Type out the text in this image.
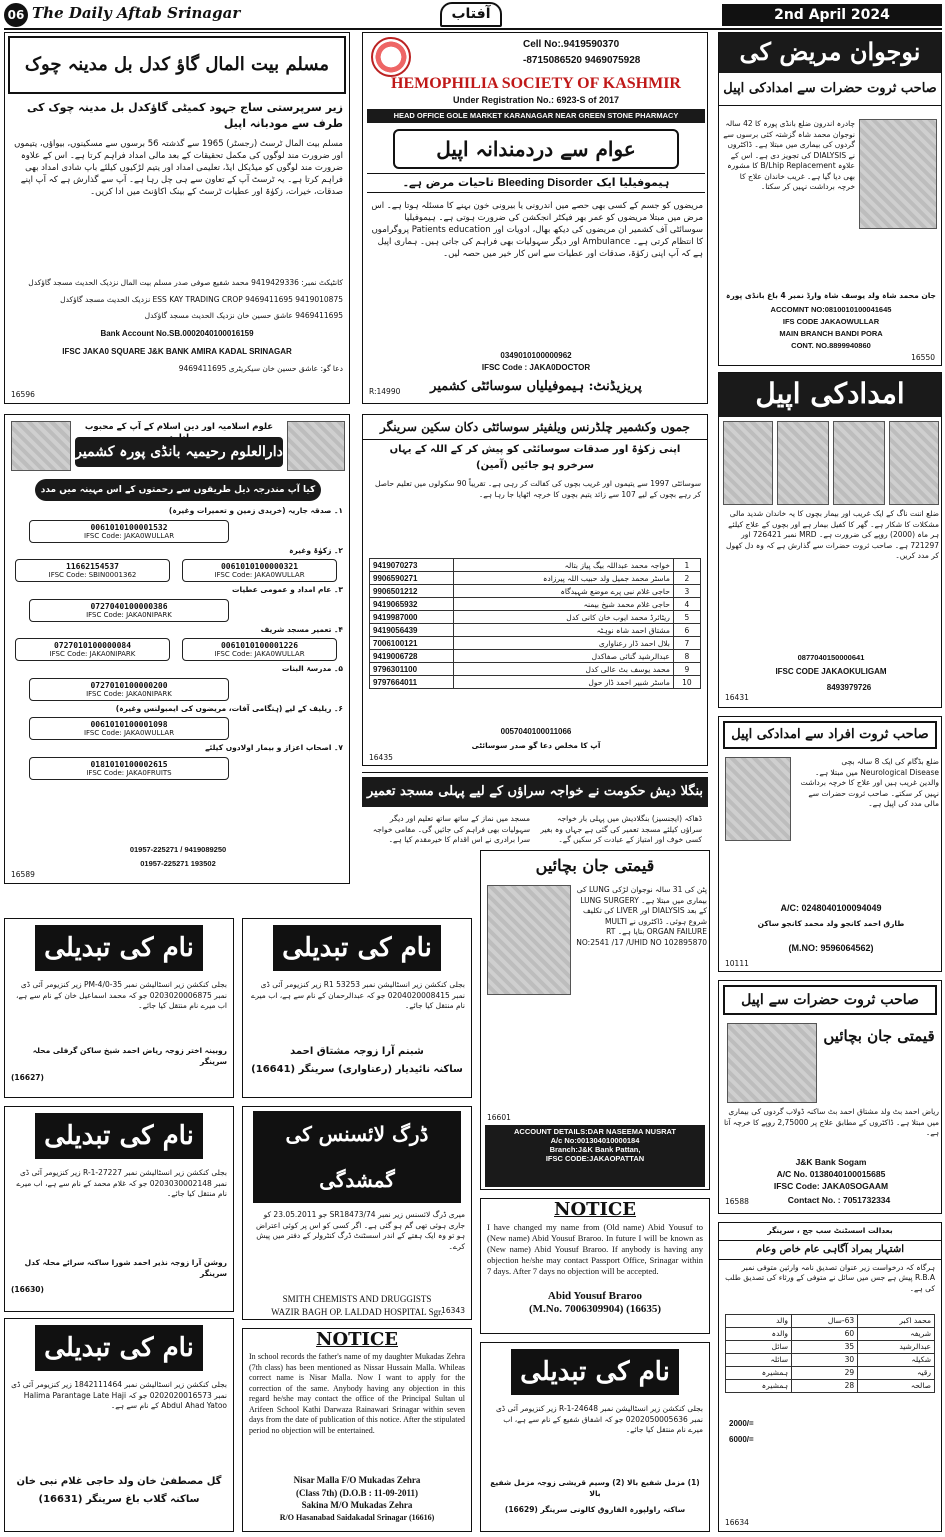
06 The Daily Aftab Srinagar	آفتاب	2nd April 2024
مسلم بیت المال گاؤ کدل بل مدینہ چوک
زیر سرپرستی ساج جہود کمیٹی گاؤکدل بل مدینہ چوک کی طرف سے مودبانہ اپیل
مسلم بیت المال ٹرسٹ (رجسٹر) 1965 سے گذشتہ 56 برسوں سے مسکینوں، بیواؤں، یتیموں اور ضرورت مند لوگوں کی مکمل تحقیقات کے بعد مالی امداد فراہم کرتا ہے۔ اس کے علاوہ ضرورت مند لوگوں کو میڈیکل ایڈ، تعلیمی امداد اور یتیم لڑکیوں کیلئے باپ شادی امداد بھی فراہم کرتا ہے۔ یہ ٹرسٹ آپ کے تعاون سے ہی چل رہا ہے۔ آپ سے گذارش ہے کہ آپ اپنے صدقات، خیرات، زکوٰۃ اور عطیات ٹرسٹ کے بینک اکاؤنٹ میں ادا کریں۔
کانٹیکٹ نمبر: 9419429336 محمد شفیع صوفی صدر مسلم بیت المال نزدیک الحدیث مسجد گاؤکدل
9419010875 9469411695 ESS KAY TRADING CROP نزدیک الحدیث مسجد گاؤکدل
9469411695 عاشق حسین خان نزدیک الحدیث مسجد گاؤکدل
Bank Account No.SB.0002040100016159
IFSC JAKA0 SQUARE J&K BANK AMIRA KADAL SRINAGAR
دعا گو: عاشق حسین خان سیکریٹری 9469411695
16596
Cell No:.9419590370
-8715086520 9469075928
HEMOPHILIA SOCIETY OF KASHMIR
Under Registration No.: 6923-S of 2017
HEAD OFFICE GOLE MARKET KARANAGAR NEAR GREEN STONE PHARMACY
عوام سے دردمندانہ اپیل
ہیموفیلیا ایک Bleeding Disorder تاحیات مرض ہے۔
مریضوں کو جسم کے کسی بھی حصے میں اندرونی یا بیرونی خون بہنے کا مسئلہ ہوتا ہے۔ اس مرض میں مبتلا مریضوں کو عمر بھر فیکٹر انجکشن کی ضرورت ہوتی ہے۔ ہیموفیلیا سوسائٹی آف کشمیر ان مریضوں کی دیکھ بھال، ادویات اور Patients education پروگراموں کا انتظام کرتی ہے۔ Ambulance اور دیگر سہولیات بھی فراہم کی جاتی ہیں۔ ہماری اپیل ہے کہ آپ اپنی زکوٰۃ، صدقات اور عطیات سے اس کار خیر میں حصہ لیں۔
0349010100000962
IFSC Code : JAKA0DOCTOR
پریزیڈنٹ: ہیموفیلیاں سوسائٹی کشمیر
R:14990
نوجوان مریض کی
صاحب ثروت حضرات سے امدادکی اپیل
چادرہ اندرون ضلع بانڈی پورہ کا 42 سالہ نوجوان محمد شاہ گزشتہ کئی برسوں سے گردوں کی بیماری میں مبتلا ہے۔ ڈاکٹروں نے DIALYSIS کی تجویز دی ہے۔ اس کے علاوہ B/Lhip Replacement کا مشورہ بھی دیا گیا ہے۔ غریب خاندان علاج کا خرچہ برداشت نہیں کر سکتا۔
جان محمد شاہ ولد یوسف شاہ وارڈ نمبر 4 باغ بانڈی پورہ
ACCOMNT NO:0810010100041645
IFS CODE JAKAOWULLAR
MAIN BRANCH BANDI PORA
CONT. NO.8899940860
16550
امدادکی اپیل
ضلع اننت ناگ کے ایک غریب اور بیمار بچوں کا یہ خاندان شدید مالی مشکلات کا شکار ہے۔ گھر کا کفیل بیمار ہے اور بچوں کے علاج کیلئے ہر ماہ (2000) روپے کی ضرورت ہے۔ MRD نمبر 726421 اور 721297 ہے۔ صاحب ثروت حضرات سے گذارش ہے کہ وہ دل کھول کر مدد کریں۔
0877040150000641
IFSC CODE JAKAOKULIGAM
8493979726
16431
علوم اسلامیہ اور دین اسلام کے آپ کے محبوب
دارالعلوم رحیمیہ بانڈی پورہ کشمیر
کیا آپ مندرجہ ذیل طریقوں سے رحمتوں کے اس مہینہ میں مدد
۱۔ صدقہ جاریہ (خریدی زمین و تعمیرات وغیرہ)
0061010100001532
IFSC Code: JAKA0WULLAR
۲۔ زکوٰۃ وغیرہ
11662154537
IFSC Code: SBIN0001362
0061010100000321
IFSC Code: JAKA0WULLAR
۳۔ عام امداد و عمومی عطیات
0727040100000386
IFSC Code: JAKA0NIPARK
۴۔ تعمیر مسجد شریف
0727010100000084
IFSC Code: JAKA0NIPARK
0061010100001226
IFSC Code: JAKA0WULLAR
۵۔ مدرسۃ البنات
0727010100000200
IFSC Code: JAKA0NIPARK
۶۔ ریلیف کے لیے (ہنگامی آفات، مریضوں کی ایمبولنس وغیرہ)
0061010100001098
IFSC Code: JAKA0WULLAR
۷۔ اصحاب اعزاز و بیمار اولادوں کیلئے
0181010100002615
IFSC Code: JAKA0FRUITS
01957-225271 / 9419089250
01957-225271 193502
16589
جموں وکشمیر چلڈرنس ویلفیئر سوسائٹی دکان سکین سرینگر
اپنی زکوٰۃ اور صدقات سوسائٹی کو پیش کر کے اللہ کے یہاں سرخرو ہو جائیں (آمین)
سوسائٹی 1997 سے یتیموں اور غریب بچوں کی کفالت کر رہی ہے۔ تقریباً 90 سکولوں میں تعلیم حاصل کر رہے بچوں کے لیے 107 سے زائد یتیم بچوں کا خرچہ اٹھایا جا رہا ہے۔
9419070273	خواجہ محمد عبداللہ بیگ پیاز بتالہ	1
9906590271	ماسٹر محمد جمیل ولد حبیب اللہ پیرزادہ	2
9906501212	حاجی غلام نبی پرے موضع شہیدگاہ	3
9419065932	حاجی غلام محمد شیخ بیمنہ	4
9419987000	ریٹائرڈ محمد ایوب خان کانی کدل	5
9419056439	مشتاق احمد شاہ نوہٹہ	6
7006100121	بلال احمد ڈار رعناواری	7
9419006728	عبدالرشید گنائی صفاکدل	8
9796301100	محمد یوسف بٹ عالی کدل	9
9797664011	ماسٹر شبیر احمد ڈار حول	10
0057040100011066
آپ کا مخلص دعا گو صدر سوسائٹی
16435
بنگلا دیش حکومت نے خواجہ سراؤں کے لیے پہلی مسجد تعمیر کردی ڈھاکہ (ایجنسیز) بنگلادیش میں پہلی بار خواجہ سراؤں کیلئے مسجد تعمیر کی گئی ہے جہاں وہ بغیر کسی خوف اور امتیاز کے عبادت کر سکیں گے۔ مسجد میں نماز کے ساتھ ساتھ تعلیم اور دیگر سہولیات بھی فراہم کی جائیں گی۔ مقامی خواجہ سرا برادری نے اس اقدام کا خیرمقدم کیا ہے۔
صاحب ثروت افراد سے امدادکی اپیل
ضلع بڈگام کی ایک 8 سالہ بچی Neurological Disease میں مبتلا ہے۔ والدین غریب ہیں اور علاج کا خرچہ برداشت نہیں کر سکتے۔ صاحب ثروت حضرات سے مالی مدد کی اپیل ہے۔
A/C: 0248040100094049
طارق احمد کانجو ولد محمد کانجو ساکن
(M.NO: 9596064562)
10111
صاحب ثروت حضرات سے اپیل
قیمتی جان بچائیں
ریاض احمد بٹ ولد مشتاق احمد بٹ ساکنہ ڈولاب گردوں کی بیماری میں مبتلا ہے۔ ڈاکٹروں کے مطابق علاج پر 2,75000 روپے کا خرچہ آتا ہے۔
J&K Bank Sogam
A/C No. 0138040100015685
IFSC Code: JAKA0SOGAAM
Contact No. : 7051732334
16588
نام کی تبدیلی
بجلی کنکشن زیر انسٹالیشن نمبر PM-4/0-35 زیر کنزیومر آئی ڈی نمبر 0203020006875 جو کہ محمد اسماعیل خان کے نام سے ہے، اب میرے نام منتقل کیا جائے۔
روبینہ اختر زوجہ ریاض احمد شیخ ساکن گرفلی محلہ سرینگر
(16627)
نام کی تبدیلی
بجلی کنکشن زیر انسٹالیشن نمبر R1 53253 زیر کنزیومر آئی ڈی نمبر 0204020008415 جو کہ عبدالرحمان کے نام سے ہے، اب میرے نام منتقل کیا جائے۔
شبنم آرا زوجہ مشتاق احمد
ساکنہ نائیدیار (رعناواری) سرینگر (16641)
قیمتی جان بچائیں
پٹن کی 31 سالہ نوجوان لڑکی LUNG کی بیماری میں مبتلا ہے۔ LUNG SURGERY کے بعد DIALYSIS اور LIVER کی تکلیف شروع ہوئی۔ ڈاکٹروں نے MULTI ORGAN FAILURE بتایا ہے۔ RT NO:2541 /17 /UHID NO 102895870
ACCOUNT DETAILS:DAR NASEEMA NUSRAT
A/c No:001304010000184
Branch:J&K Bank Pattan,
IFSC CODE:JAKAOPATTAN
16601
نام کی تبدیلی
بجلی کنکشن زیر انسٹالیشن نمبر R-1-27227 زیر کنزیومر آئی ڈی نمبر 0203030002148 جو کہ غلام محمد کے نام سے ہے، اب میرے نام منتقل کیا جائے۔
روشن آرا زوجہ نذیر احمد شورا ساکنہ سرائے محلہ کدل سرینگر
(16630)
ڈرگ لائسنس کی گمشدگی
میری ڈرگ لائسنس زیر نمبر SR18473/74 جو 23.05.2011 کو جاری ہوئی تھی گم ہو گئی ہے۔ اگر کسی کو اس پر کوئی اعتراض ہو تو وہ ایک ہفتے کے اندر اسسٹنٹ ڈرگ کنٹرولر کے دفتر میں پیش کرے۔
SMITH CHEMISTS AND DRUGGISTS
WAZIR BAGH OP. LALDAD HOSPITAL Sgr.
16343
NOTICE
I have changed my name from (Old name) Abid Yousuf to (New name) Abid Yousuf Braroo. In future I will be known as (New name) Abid Yousuf Braroo. If anybody is having any objection he/she may contact Passport Office, Srinagar within 7 days. After 7 days no objection will be accepted.
Abid Yousuf Braroo
(M.No. 7006309904) (16635)
نام کی تبدیلی
بجلی کنکشن زیر انسٹالیشن نمبر 1842111464 زیر کنزیومر آئی ڈی نمبر 0202020016573 جو کہ Halima Parantage Late Haji Abdul Ahad Yatoo کے نام سے ہے۔
گل مصطفیٰ خان ولد حاجی غلام نبی خان
ساکنہ گلاب باغ سرینگر (16631)
NOTICE
In school records the father's name of my daughter Mukadas Zehra (7th class) has been mentioned as Nissar Hussain Malla. Whileas correct name is Nisar Malla. Now I want to apply for the correction of the same. Anybody having any objection in this regard he/she may contact the office of the Principal Sultan ul Arifeen School Kathi Darwaza Rainawari Srinagar within seven days from the date of publication of this notice. After the stipulated period no objection will be entertained.
Nisar Malla F/O Mukadas Zehra
(Class 7th) (D.O.B : 11-09-2011)
Sakina M/O Mukadas Zehra
R/O Hasanabad Saidakadal Srinagar (16616)
نام کی تبدیلی
بجلی کنکشن زیر انسٹالیشن نمبر R-1-24648 زیر کنزیومر آئی ڈی نمبر 0202050005636 جو کہ اشفاق شفیع کے نام سے ہے، اب میرے نام منتقل کیا جائے۔
(1) مزمل شفیع بالا (2) وسیم قریشی زوجہ مزمل شفیع بالا
ساکنہ راولپورہ الفاروق کالونی سرینگر (16629)
بعدالت اسسٹنٹ سب جج ، سرینگر
اشتہار بمراد آگاہی عام خاص وعام
ہرگاہ کہ درخواست زیر عنوان تصدیق نامہ وارثین متوفی نمبر R.B.A پیش ہے جس میں سائل نے متوفی کے ورثاء کی تصدیق طلب کی ہے۔
والد	63-سال	محمد اکبر
والدہ	60	شریفہ
سائل	35	عبدالرشید
سائلہ	30	شکیلہ
ہمشیرہ	29	رقیہ
ہمشیرہ	28	صالحہ
2000/=
6000/=
16634
